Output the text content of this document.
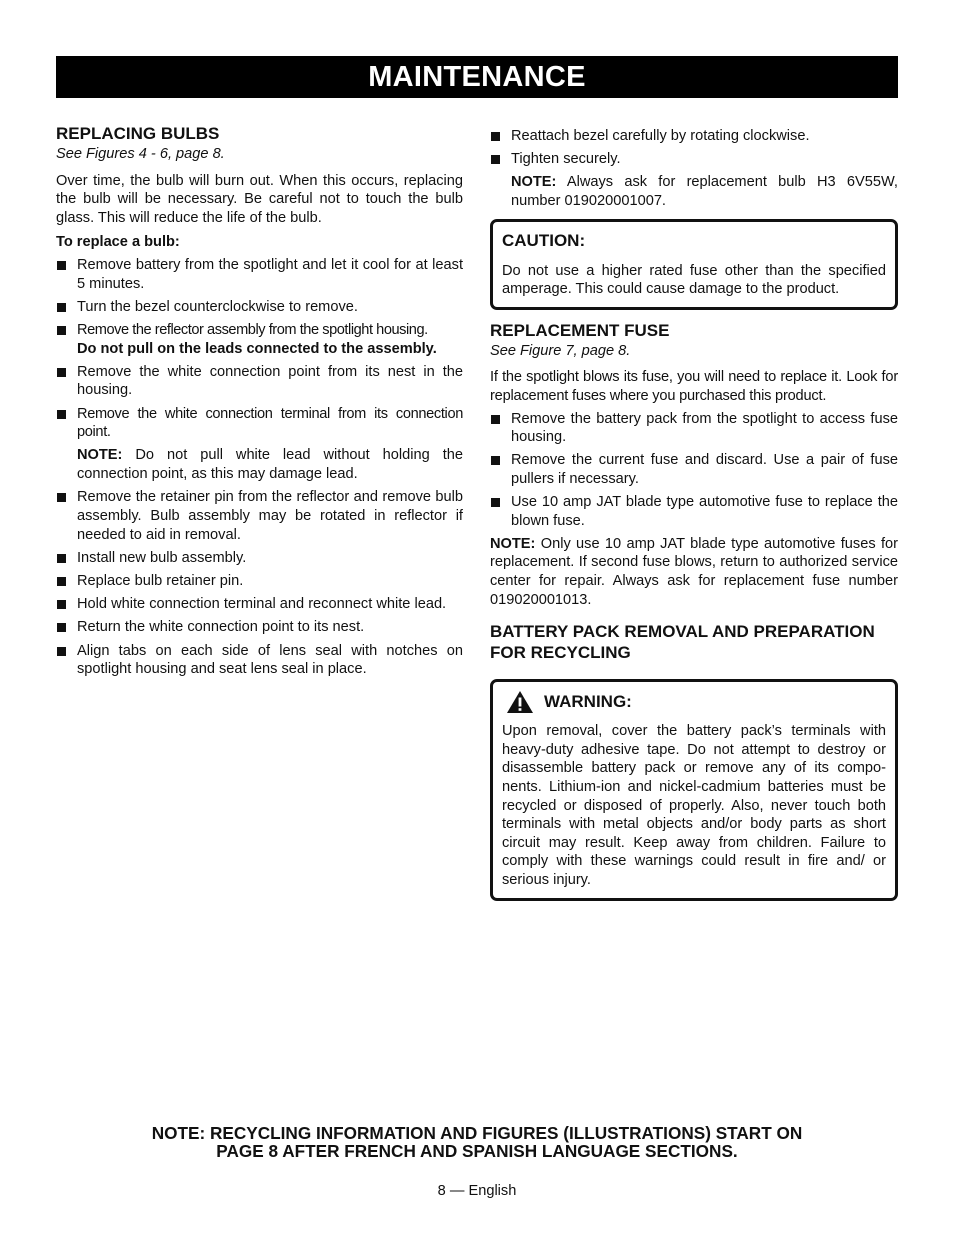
MAINTENANCE
REPLACING BULBS
See Figures 4 - 6, page 8.

Over time, the bulb will burn out. When this occurs, replacing the bulb will be necessary. Be careful not to touch the bulb glass. This will reduce the life of the bulb.

To replace a bulb:
Remove battery from the spotlight and let it cool for at least 5 minutes.
Turn the bezel counterclockwise to remove.
Remove the reflector assembly from the spotlight housing.
Do not pull on the leads connected to the assembly.
Remove the white connection point from its nest in the housing.
Remove the white connection terminal from its connection point.
NOTE: Do not pull white lead without holding the connection point, as this may damage lead.
Remove the retainer pin from the reflector and remove bulb assembly. Bulb assembly may be rotated in reflector if needed to aid in removal.
Install new bulb assembly.
Replace bulb retainer pin.
Hold white connection terminal and reconnect white lead.
Return the white connection point to its nest.
Align tabs on each side of lens seal with notches on spotlight housing and seat lens seal in place.
Reattach bezel carefully by rotating clockwise.
Tighten securely.
NOTE: Always ask for replacement bulb H3 6V55W, number 019020001007.
CAUTION:
Do not use a higher rated fuse other than the specified amperage. This could cause damage to the product.
REPLACEMENT FUSE
See Figure 7, page 8.

If the spotlight blows its fuse, you will need to replace it. Look for replacement fuses where you purchased this product.

Remove the battery pack from the spotlight to access fuse housing.
Remove the current fuse and discard. Use a pair of fuse pullers if necessary.
Use 10 amp JAT blade type automotive fuse to replace the blown fuse.

NOTE: Only use 10 amp JAT blade type automotive fuses for replacement. If second fuse blows, return to authorized service center for repair. Always ask for replacement fuse number 019020001013.

BATTERY PACK REMOVAL AND PREPARATION FOR RECYCLING
WARNING:
Upon removal, cover the battery pack’s terminals with heavy-duty adhesive tape. Do not attempt to destroy or disassemble battery pack or remove any of its compo-nents. Lithium-ion and nickel-cadmium batteries must be recycled or disposed of properly. Also, never touch both terminals with metal objects and/or body parts as short circuit may result. Keep away from children. Failure to comply with these warnings could result in fire and/ or serious injury.
NOTE: RECYCLING INFORMATION AND FIGURES (ILLUSTRATIONS) START ON
PAGE 8 AFTER FRENCH AND SPANISH LANGUAGE SECTIONS.
8 — English
